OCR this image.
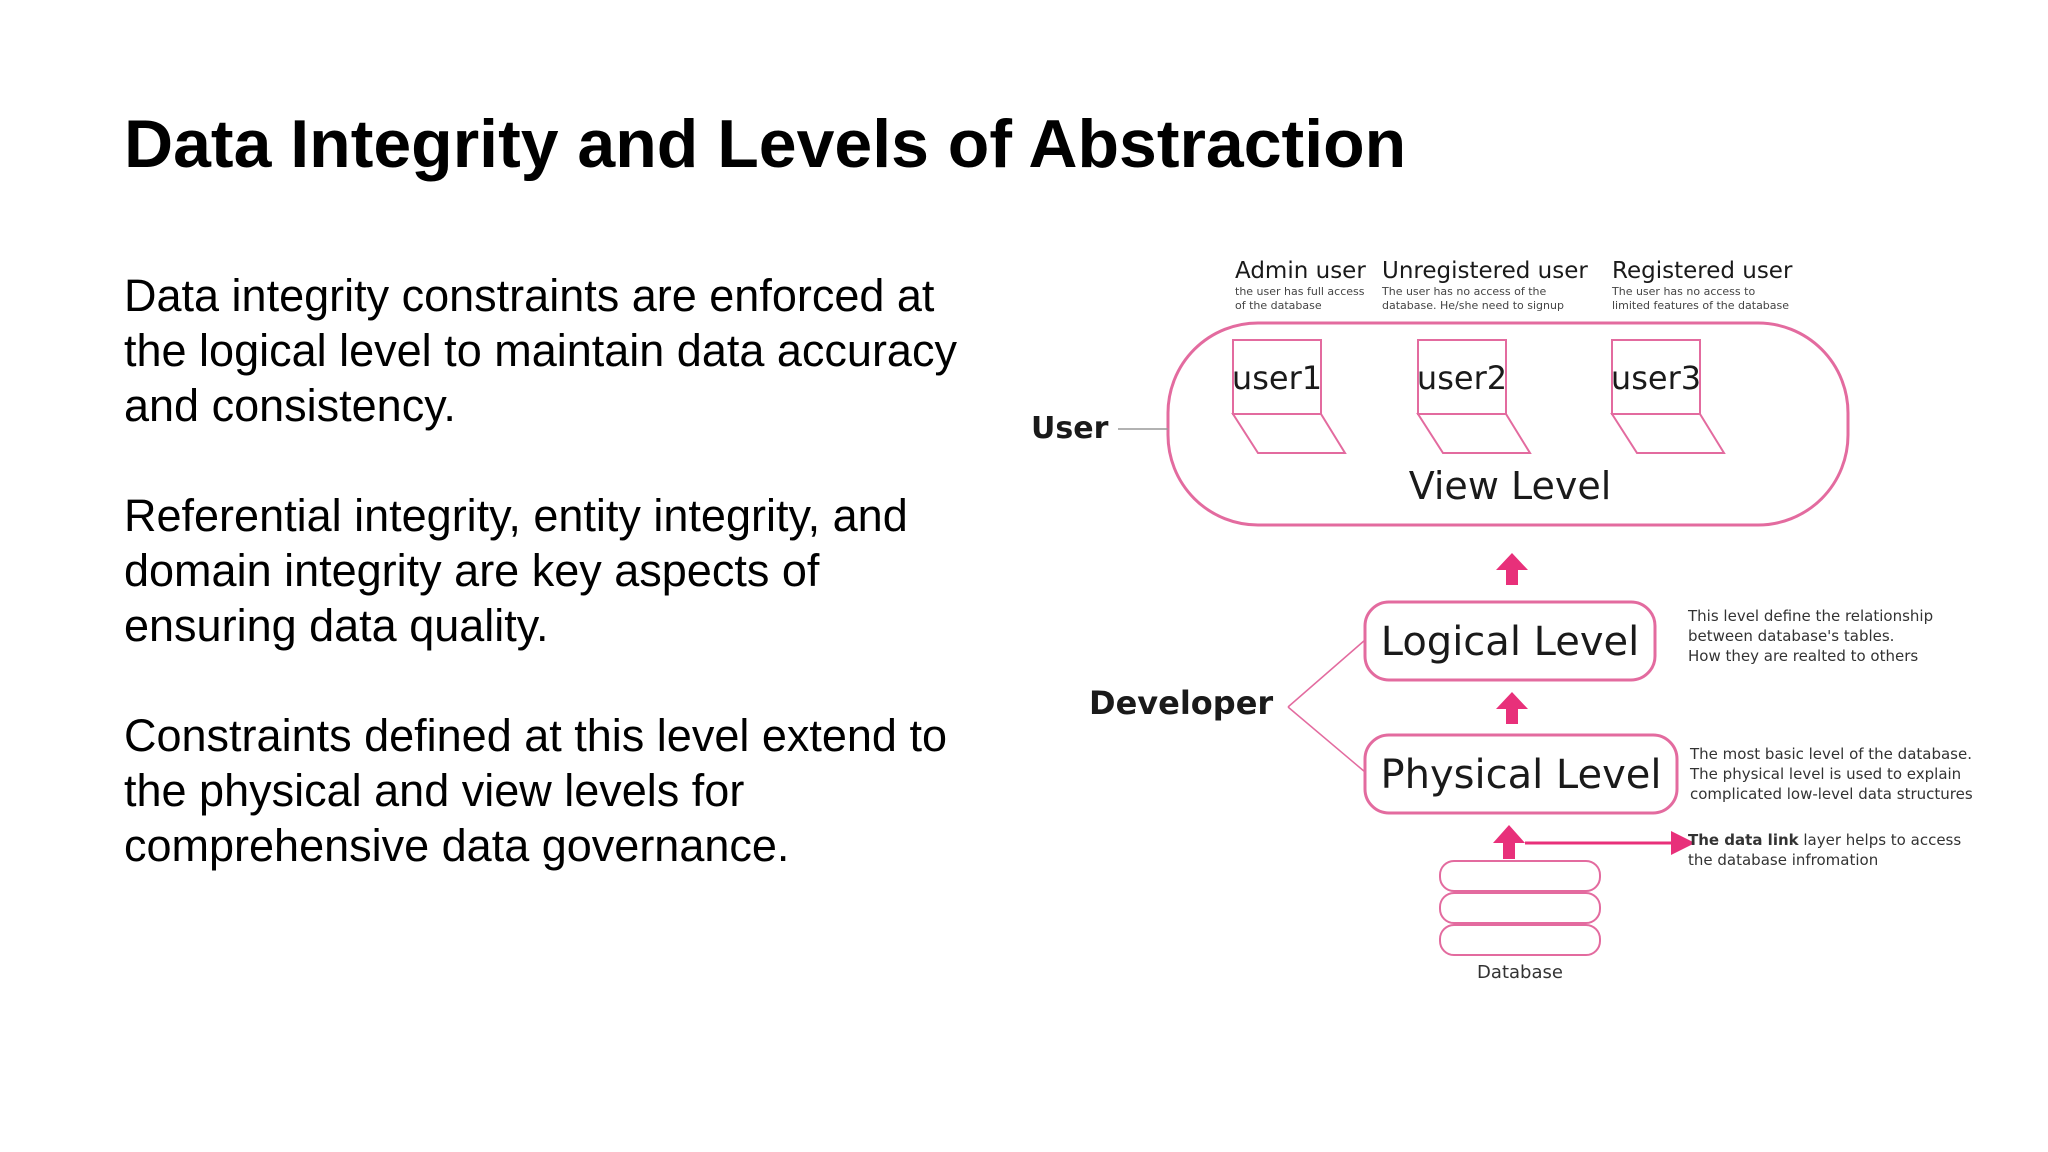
Data Integrity and Levels of Abstraction

Data integrity constraints are enforced at the logical level to maintain data accuracy and consistency.

Referential integrity, entity integrity, and domain integrity are key aspects of ensuring data quality.

Constraints defined at this level extend to the physical and view levels for comprehensive data governance.

Admin user
the user has full access
of the database
Unregistered user
The user has no access of the
database. He/she need to signup
Registered user
The user has no access to
limited features of the database
user1	user2	user3
View Level
User
Logical Level
This level define the relationship
between database's tables.
How they are realted to others
Developer
Physical Level The most basic level of the database.
The physical level is used to explain
complicated low-level data structures
The data link layer helps to access
the database infromation
Database
